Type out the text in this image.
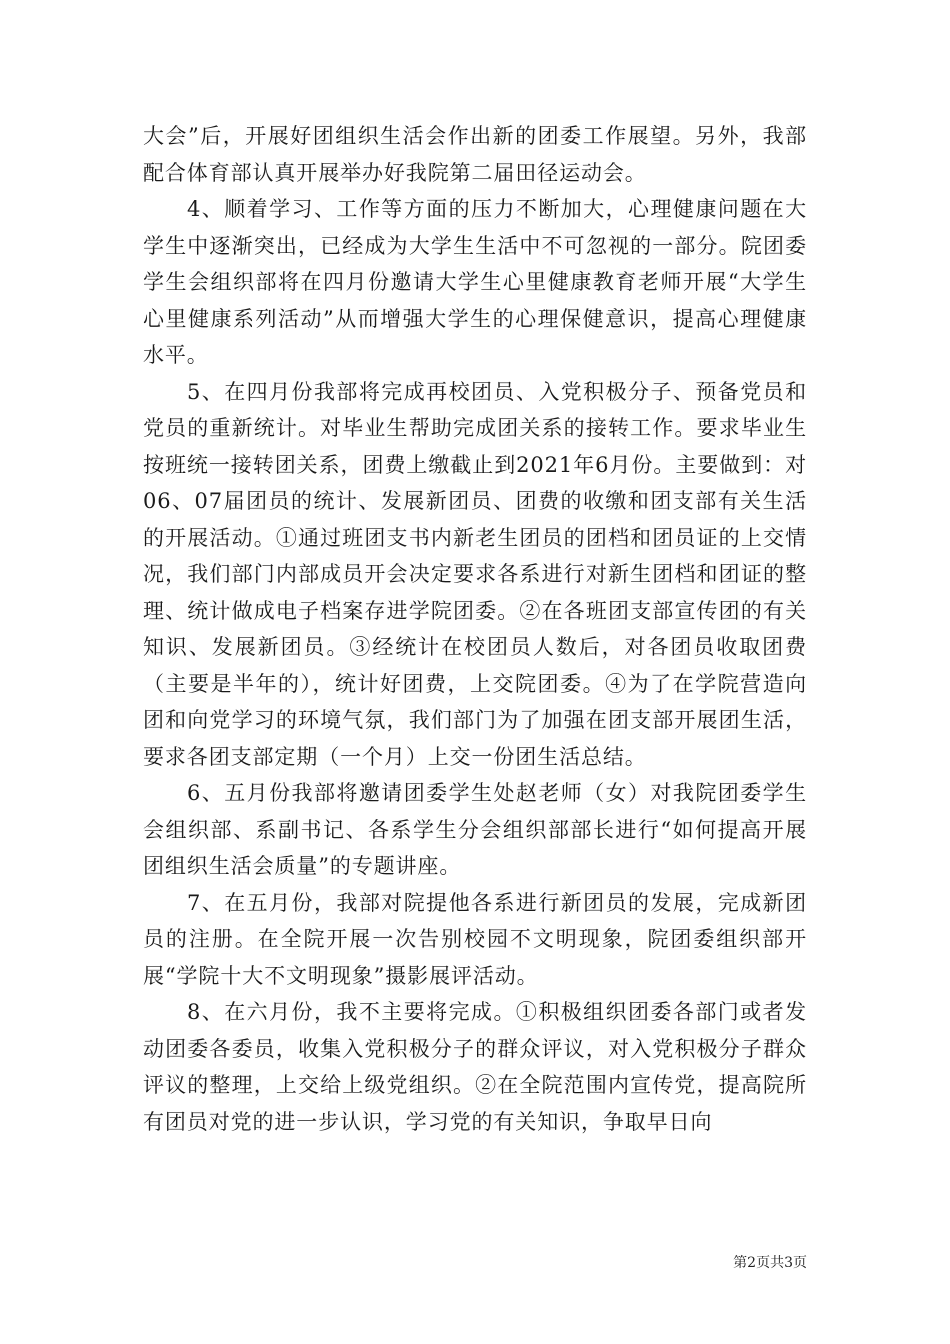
大会”后，开展好团组织生活会作出新的团委工作展望。另外，我部配合体育部认真开展举办好我院第二届田径运动会。

4、顺着学习、工作等方面的压力不断加大，心理健康问题在大学生中逐渐突出，已经成为大学生生活中不可忽视的一部分。院团委学生会组织部将在四月份邀请大学生心里健康教育老师开展“大学生心里健康系列活动”从而增强大学生的心理保健意识，提高心理健康水平。

5、在四月份我部将完成再校团员、入党积极分子、预备党员和党员的重新统计。对毕业生帮助完成团关系的接转工作。要求毕业生按班统一接转团关系，团费上缴截止到2021年6月份。主要做到：对06、07届团员的统计、发展新团员、团费的收缴和团支部有关生活的开展活动。①通过班团支书内新老生团员的团档和团员证的上交情况，我们部门内部成员开会决定要求各系进行对新生团档和团证的整理、统计做成电子档案存进学院团委。②在各班团支部宣传团的有关知识、发展新团员。③经统计在校团员人数后，对各团员收取团费（主要是半年的），统计好团费，上交院团委。④为了在学院营造向团和向党学习的环境气氛，我们部门为了加强在团支部开展团生活，要求各团支部定期（一个月）上交一份团生活总结。

6、五月份我部将邀请团委学生处赵老师（女）对我院团委学生会组织部、系副书记、各系学生分会组织部部长进行“如何提高开展团组织生活会质量”的专题讲座。

7、在五月份，我部对院提他各系进行新团员的发展，完成新团员的注册。在全院开展一次告别校园不文明现象，院团委组织部开展“学院十大不文明现象”摄影展评活动。

8、在六月份，我不主要将完成。①积极组织团委各部门或者发动团委各委员，收集入党积极分子的群众评议，对入党积极分子群众评议的整理，上交给上级党组织。②在全院范围内宣传党，提高院所有团员对党的进一步认识，学习党的有关知识，争取早日向

第2页共3页
